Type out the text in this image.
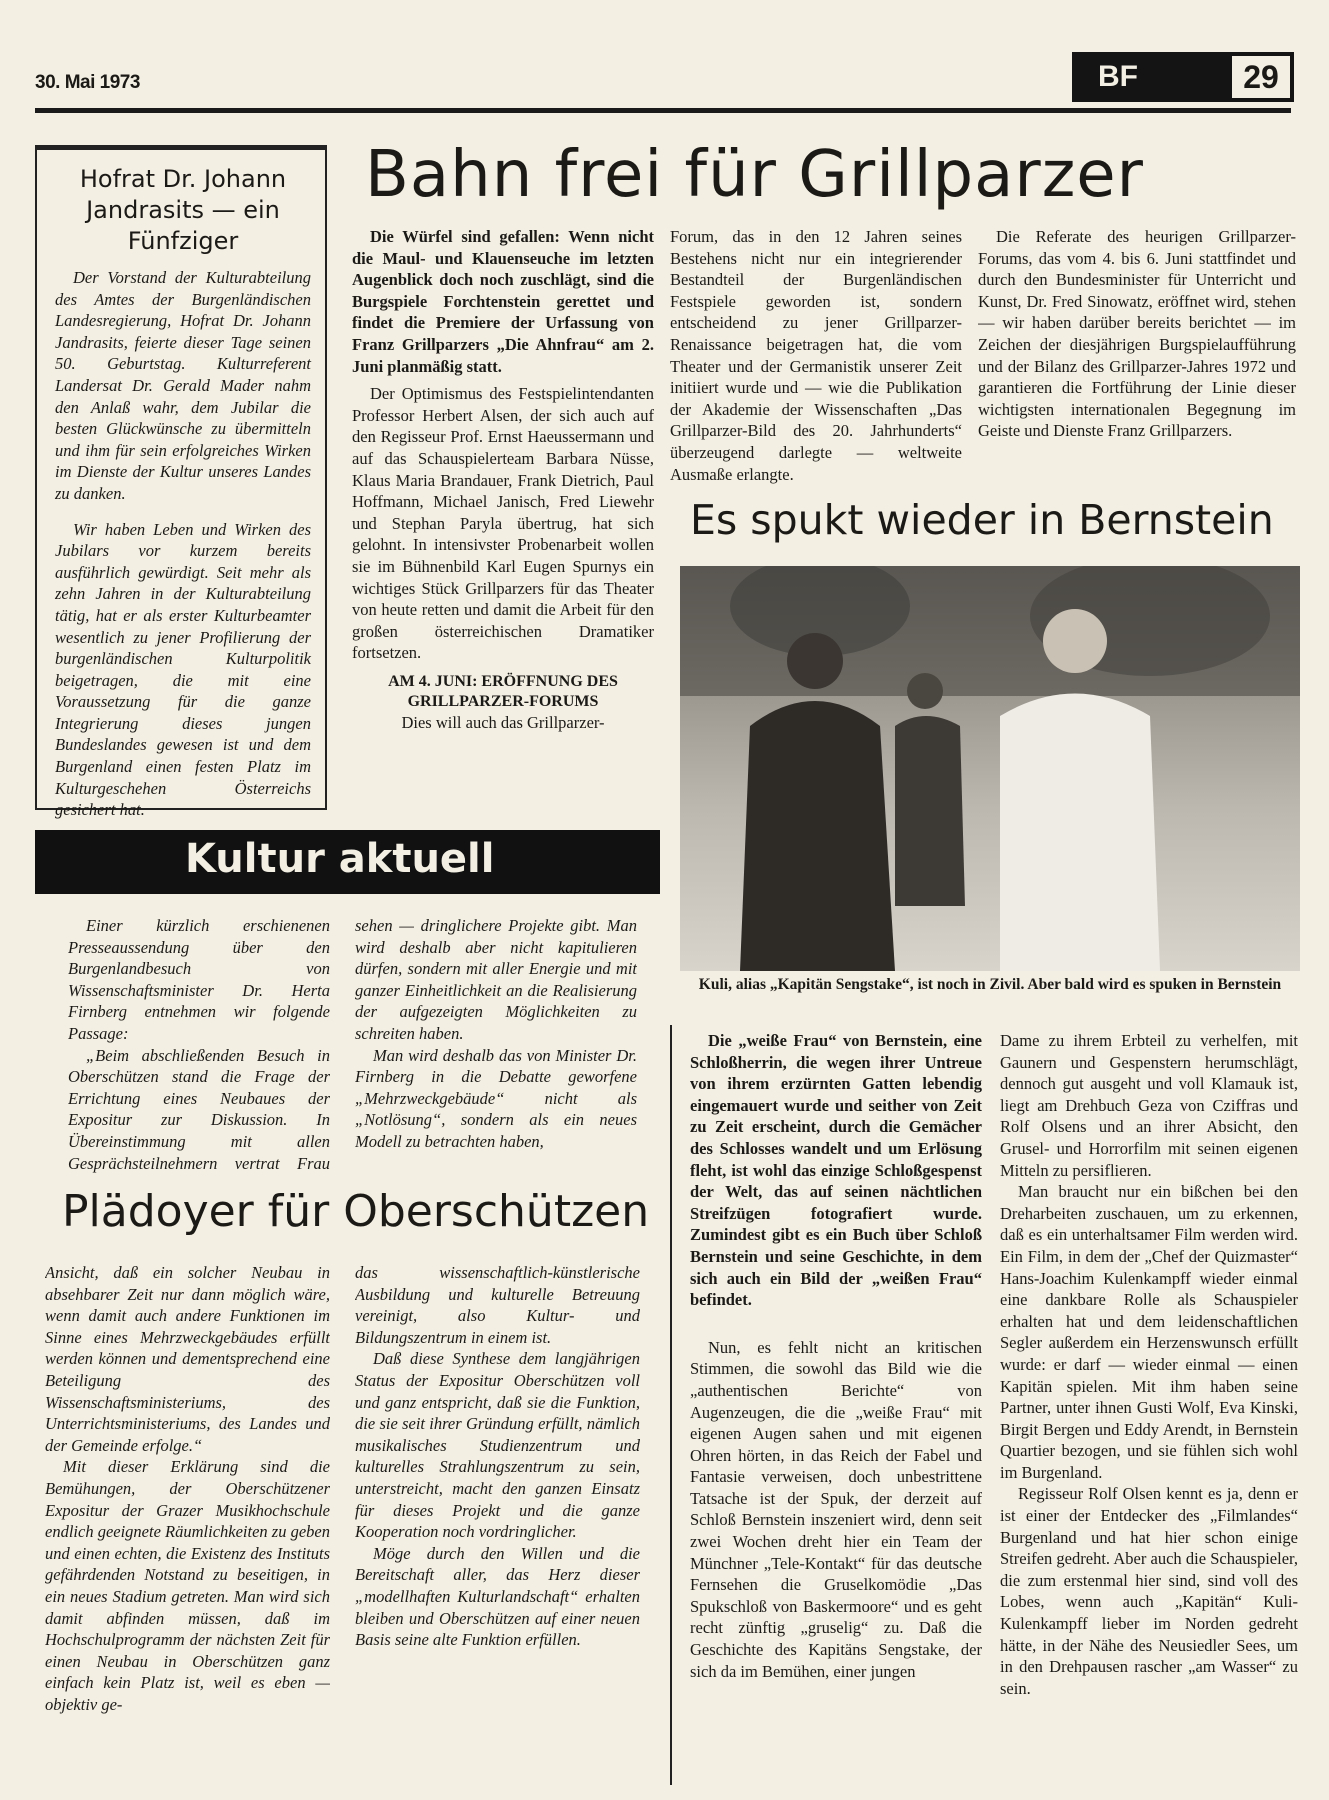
30. Mai 1973	BF	29
Hofrat Dr. Johann Jandrasits — ein Fünfziger

Der Vorstand der Kulturabteilung des Amtes der Burgenländischen Landesregierung, Hofrat Dr. Johann Jandrasits, feierte dieser Tage seinen 50. Geburtstag. Kulturreferent Landersat Dr. Gerald Mader nahm den Anlaß wahr, dem Jubilar die besten Glückwünsche zu übermitteln und ihm für sein erfolgreiches Wirken im Dienste der Kultur unseres Landes zu danken.

Wir haben Leben und Wirken des Jubilars vor kurzem bereits ausführlich gewürdigt. Seit mehr als zehn Jahren in der Kulturabteilung tätig, hat er als erster Kulturbeamter wesentlich zu jener Profilierung der burgenländischen Kulturpolitik beigetragen, die mit eine Voraussetzung für die ganze Integrierung dieses jungen Bundeslandes gewesen ist und dem Burgenland einen festen Platz im Kulturgeschehen Österreichs gesichert hat.

Bahn frei für Grillparzer

Die Würfel sind gefallen: Wenn nicht die Maul- und Klauenseuche im letzten Augenblick doch noch zuschlägt, sind die Burgspiele Forchtenstein gerettet und findet die Premiere der Urfassung von Franz Grillparzers „Die Ahnfrau“ am 2. Juni planmäßig statt.

Der Optimismus des Festspielintendanten Professor Herbert Alsen, der sich auch auf den Regisseur Prof. Ernst Haeussermann und auf das Schauspielerteam Barbara Nüsse, Klaus Maria Brandauer, Frank Dietrich, Paul Hoffmann, Michael Janisch, Fred Liewehr und Stephan Paryla übertrug, hat sich gelohnt. In intensivster Probenarbeit wollen sie im Bühnenbild Karl Eugen Spurnys ein wichtiges Stück Grillparzers für das Theater von heute retten und damit die Arbeit für den großen österreichischen Dramatiker fortsetzen.

AM 4. JUNI: ERÖFFNUNG DES GRILLPARZER-FORUMS

Dies will auch das Grillparzer-

Forum, das in den 12 Jahren seines Bestehens nicht nur ein integrierender Bestandteil der Burgenländischen Festspiele geworden ist, sondern entscheidend zu jener Grillparzer-Renaissance beigetragen hat, die vom Theater und der Germanistik unserer Zeit initiiert wurde und — wie die Publikation der Akademie der Wissenschaften „Das Grillparzer-Bild des 20. Jahrhunderts“ überzeugend darlegte — weltweite Ausmaße erlangte.

Die Referate des heurigen Grillparzer-Forums, das vom 4. bis 6. Juni stattfindet und durch den Bundesminister für Unterricht und Kunst, Dr. Fred Sinowatz, eröffnet wird, stehen — wir haben darüber bereits berichtet — im Zeichen der diesjährigen Burgspielaufführung und der Bilanz des Grillparzer-Jahres 1972 und garantieren die Fortführung der Linie dieser wichtigsten internationalen Begegnung im Geiste und Dienste Franz Grillparzers.

Es spukt wieder in Bernstein
Kuli, alias „Kapitän Sengstake“, ist noch in Zivil. Aber bald wird es spuken in Bernstein

Die „weiße Frau“ von Bernstein, eine Schloßherrin, die wegen ihrer Untreue von ihrem erzürnten Gatten lebendig eingemauert wurde und seither von Zeit zu Zeit erscheint, durch die Gemächer des Schlosses wandelt und um Erlösung fleht, ist wohl das einzige Schloßgespenst der Welt, das auf seinen nächtlichen Streifzügen fotografiert wurde. Zumindest gibt es ein Buch über Schloß Bernstein und seine Geschichte, in dem sich auch ein Bild der „weißen Frau“ befindet.

Nun, es fehlt nicht an kritischen Stimmen, die sowohl das Bild wie die „authentischen Berichte“ von Augenzeugen, die die „weiße Frau“ mit eigenen Augen sahen und mit eigenen Ohren hörten, in das Reich der Fabel und Fantasie verweisen, doch unbestrittene Tatsache ist der Spuk, der derzeit auf Schloß Bernstein inszeniert wird, denn seit zwei Wochen dreht hier ein Team der Münchner „Tele-Kontakt“ für das deutsche Fernsehen die Gruselkomödie „Das Spukschloß von Baskermoore“ und es geht recht zünftig „gruselig“ zu. Daß die Geschichte des Kapitäns Sengstake, der sich da im Bemühen, einer jungen

Dame zu ihrem Erbteil zu verhelfen, mit Gaunern und Gespenstern herumschlägt, dennoch gut ausgeht und voll Klamauk ist, liegt am Drehbuch Geza von Cziffras und Rolf Olsens und an ihrer Absicht, den Grusel- und Horrorfilm mit seinen eigenen Mitteln zu persiflieren.

Man braucht nur ein bißchen bei den Dreharbeiten zuschauen, um zu erkennen, daß es ein unterhaltsamer Film werden wird. Ein Film, in dem der „Chef der Quizmaster“ Hans-Joachim Kulenkampff wieder einmal eine dankbare Rolle als Schauspieler erhalten hat und dem leidenschaftlichen Segler außerdem ein Herzenswunsch erfüllt wurde: er darf — wieder einmal — einen Kapitän spielen. Mit ihm haben seine Partner, unter ihnen Gusti Wolf, Eva Kinski, Birgit Bergen und Eddy Arendt, in Bernstein Quartier bezogen, und sie fühlen sich wohl im Burgenland.

Regisseur Rolf Olsen kennt es ja, denn er ist einer der Entdecker des „Filmlandes“ Burgenland und hat hier schon einige Streifen gedreht. Aber auch die Schauspieler, die zum erstenmal hier sind, sind voll des Lobes, wenn auch „Kapitän“ Kuli-Kulenkampff lieber im Norden gedreht hätte, in der Nähe des Neusiedler Sees, um in den Drehpausen rascher „am Wasser“ zu sein.

Kultur aktuell

Einer kürzlich erschienenen Presseaussendung über den Burgenlandbesuch von Wissenschaftsminister Dr. Herta Firnberg entnehmen wir folgende Passage:

„Beim abschließenden Besuch in Oberschützen stand die Frage der Errichtung eines Neubaues der Expositur zur Diskussion. In Übereinstimmung mit allen Gesprächsteilnehmern vertrat Frau

sehen — dringlichere Projekte gibt. Man wird deshalb aber nicht kapitulieren dürfen, sondern mit aller Energie und mit ganzer Einheitlichkeit an die Realisierung der aufgezeigten Möglichkeiten zu schreiten haben.

Man wird deshalb das von Minister Dr. Firnberg in die Debatte geworfene „Mehrzweckgebäude“ nicht als „Notlösung“, sondern als ein neues Modell zu betrachten haben,

Plädoyer für Oberschützen

Ansicht, daß ein solcher Neubau in absehbarer Zeit nur dann möglich wäre, wenn damit auch andere Funktionen im Sinne eines Mehrzweckgebäudes erfüllt werden können und dementsprechend eine Beteiligung des Wissenschaftsministeriums, des Unterrichtsministeriums, des Landes und der Gemeinde erfolge.“

Mit dieser Erklärung sind die Bemühungen, der Oberschützener Expositur der Grazer Musikhochschule endlich geeignete Räumlichkeiten zu geben und einen echten, die Existenz des Instituts gefährdenden Notstand zu beseitigen, in ein neues Stadium getreten. Man wird sich damit abfinden müssen, daß im Hochschulprogramm der nächsten Zeit für einen Neubau in Oberschützen ganz einfach kein Platz ist, weil es eben — objektiv ge-

das wissenschaftlich-künstlerische Ausbildung und kulturelle Betreuung vereinigt, also Kultur- und Bildungszentrum in einem ist.

Daß diese Synthese dem langjährigen Status der Expositur Oberschützen voll und ganz entspricht, daß sie die Funktion, die sie seit ihrer Gründung erfüllt, nämlich musikalisches Studienzentrum und kulturelles Strahlungszentrum zu sein, unterstreicht, macht den ganzen Einsatz für dieses Projekt und die ganze Kooperation noch vordringlicher.

Möge durch den Willen und die Bereitschaft aller, das Herz dieser „modellhaften Kulturlandschaft“ erhalten bleiben und Oberschützen auf einer neuen Basis seine alte Funktion erfüllen.
